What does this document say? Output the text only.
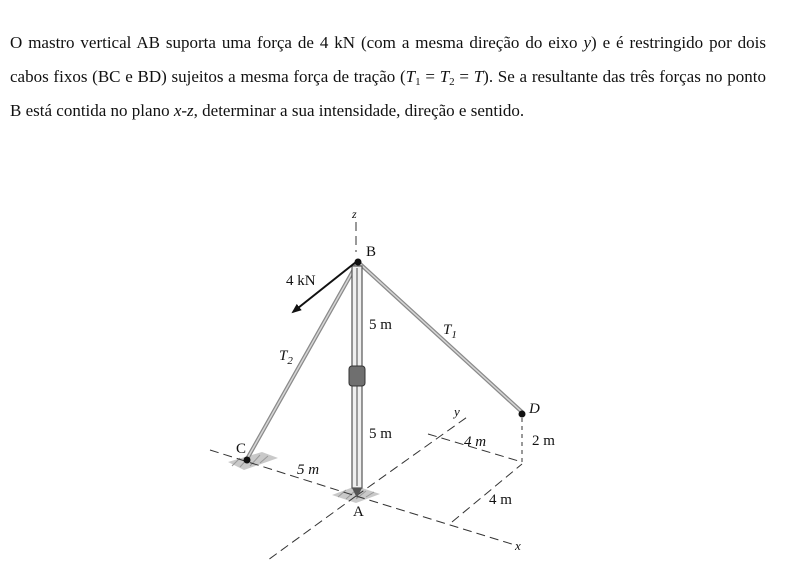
O mastro vertical AB suporta uma força de 4 kN (com a mesma direção do eixo y) e é restringido por dois cabos fixos (BC e BD) sujeitos a mesma força de tração $(T_1 = T_2 = T)$. Se a resultante das três forças no ponto B está contida no plano x-z, determinar a sua intensidade, direção e sentido.

z
B
4 kN
$T_2$
5 m	$T_1$
D
y
5 m	4 m	2 m
C
5 m
4 m
A
x
